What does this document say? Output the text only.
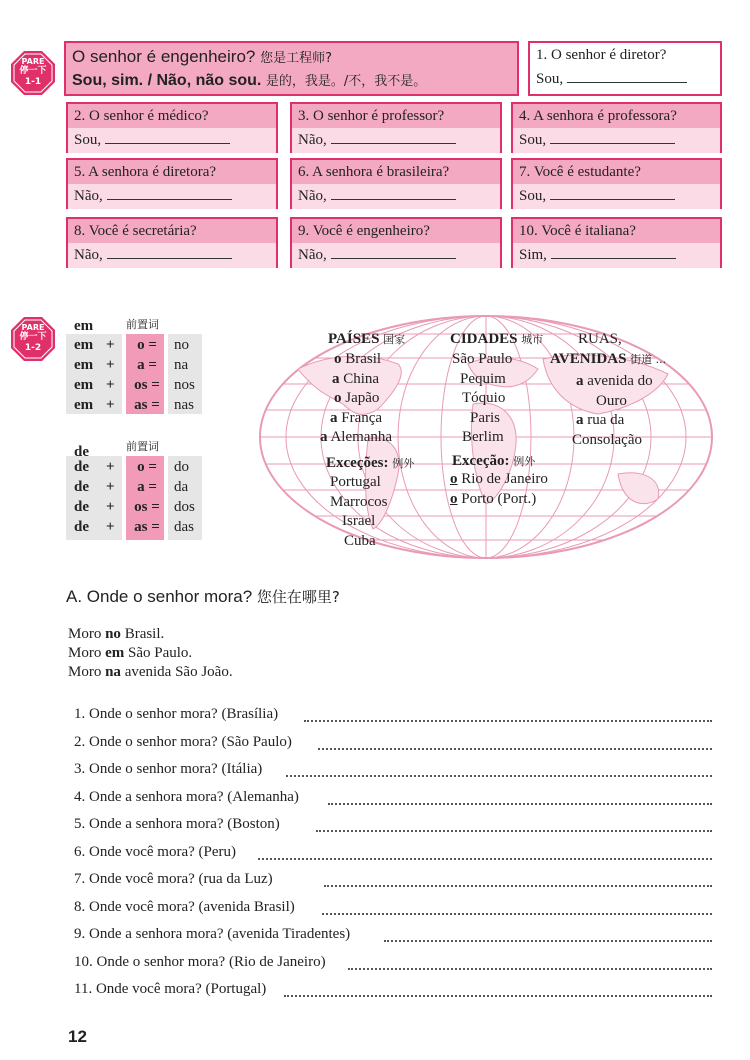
PARE
停一下
1-1
O senhor é engenheiro? 您是工程师?
Sou, sim. / Não, não sou. 是的，我是。/不，我不是。
1. O senhor é diretor?
Sou,
2. O senhor é médico?
Sou,
3. O senhor é professor?
Não,
4. A senhora é professora?
Sou,
5. A senhora é diretora?
Não,
6. A senhora é brasileira?
Não,
7. Você é estudante?
Sou,
8. Você é secretária?
Não,
9. Você é engenheiro?
Não,
10. Você é italiana?
Sim,
PARE
停一下
1-2
前置词
em
em +	o =	no
em +	a =	na
em +	os = nos
em +	as = nas
前置词
de
de +	o =	do
de +	a =	da
de +	os = dos
de +	as = das
PAÍSES 国家
o Brasil
a China
o Japão
a França
a Alemanha
Exceções: 例外
Portugal
Marrocos
Israel
Cuba
CIDADES 城市
São Paulo
Pequim
Tóquio
Paris
Berlim
Exceção: 例外
o Rio de Janeiro
o Porto (Port.)
RUAS,
AVENIDAS 街道 ...
a avenida do
Ouro
a rua da
Consolação
A. Onde o senhor mora? 您住在哪里?
Moro no Brasil.
Moro em São Paulo.
Moro na avenida São João.
1. Onde o senhor mora? (Brasília)
2. Onde o senhor mora? (São Paulo)
3. Onde o senhor mora? (Itália)
4. Onde a senhora mora? (Alemanha)
5. Onde a senhora mora? (Boston)
6. Onde você mora? (Peru)
7. Onde você mora? (rua da Luz)
8. Onde você mora? (avenida Brasil)
9. Onde a senhora mora? (avenida Tiradentes)
10. Onde o senhor mora? (Rio de Janeiro)
11. Onde você mora? (Portugal)
12
